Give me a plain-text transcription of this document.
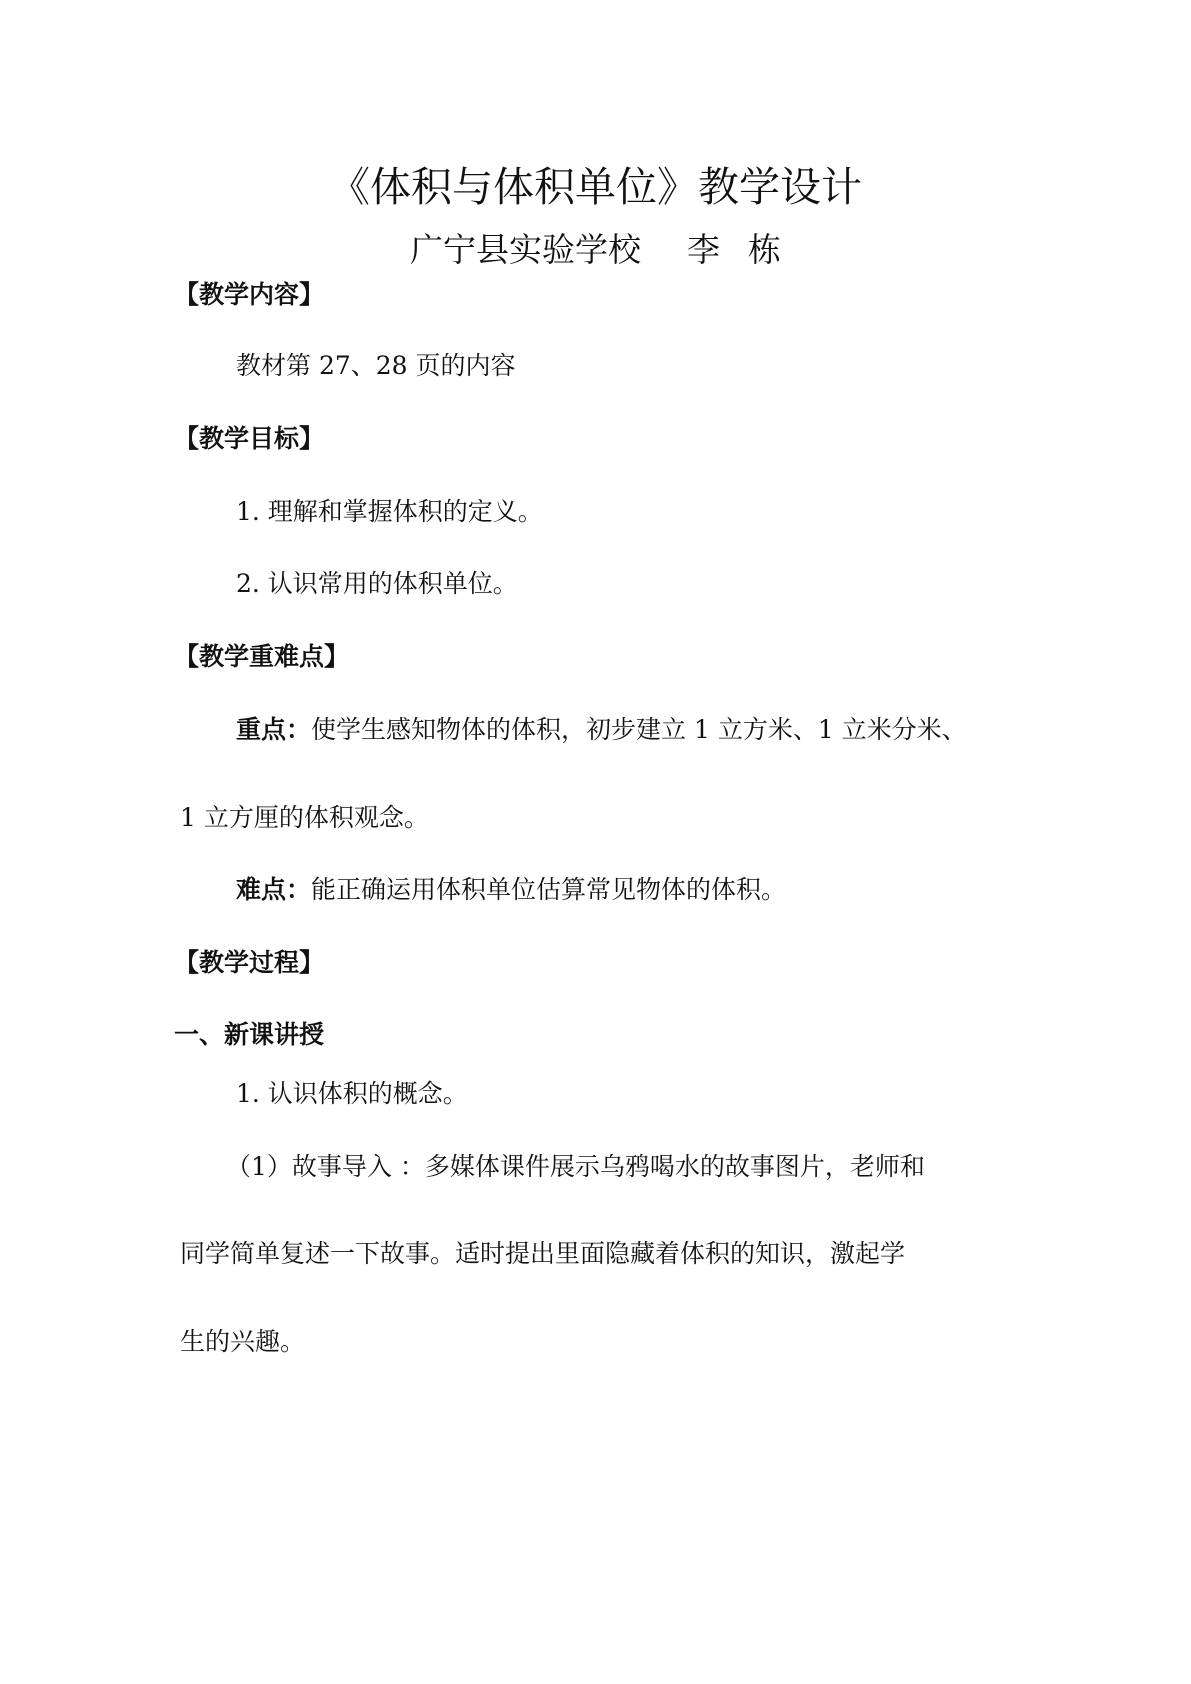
《体积与体积单位》教学设计
广宁县实验学校 李 栋
【教学内容】
教材第 27、28 页的内容
【教学目标】
1. 理解和掌握体积的定义。
2. 认识常用的体积单位。
【教学重难点】
重点：使学生感知物体的体积，初步建立 1 立方米、1 立米分米、
1 立方厘的体积观念。
难点：能正确运用体积单位估算常见物体的体积。
【教学过程】
一、新课讲授
1. 认识体积的概念。
（1）故事导入 ：多媒体课件展示乌鸦喝水的故事图片，老师和
同学简单复述一下故事。适时提出里面隐藏着体积的知识，激起学
生的兴趣。
